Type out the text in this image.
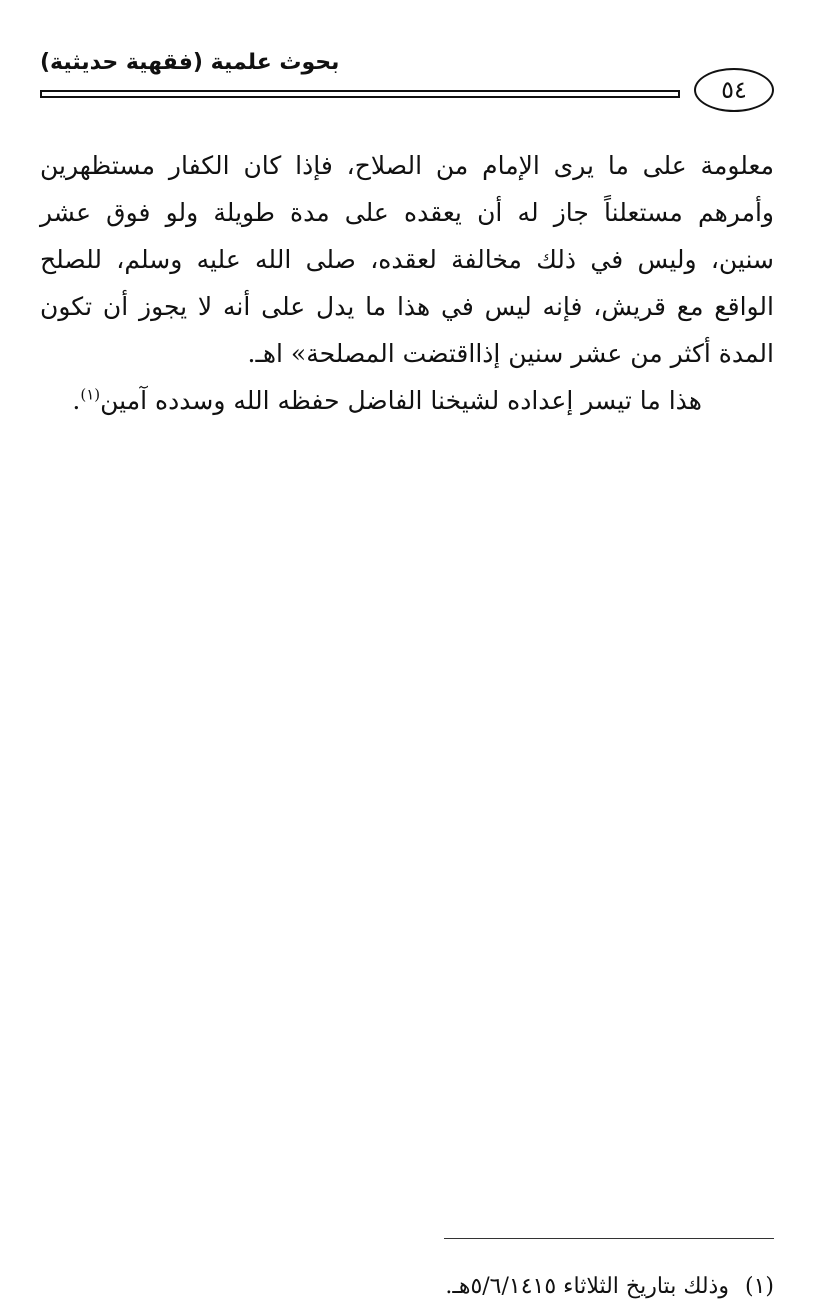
بحوث علمية (فقهية حديثية)
٥٤
معلومة على ما يرى الإمام من الصلاح، فإذا كان الكفار مستظهرين
وأمرهم مستعلناً جاز له أن يعقده على مدة طويلة ولو فوق عشر
سنين، وليس في ذلك مخالفة لعقده، صلى الله عليه وسلم، للصلح
الواقع مع قريش، فإنه ليس في هذا ما يدل على أنه لا يجوز أن تكون
المدة أكثر من عشر سنين إذااقتضت المصلحة» اهـ.
هذا ما تيسر إعداده لشيخنا الفاضل حفظه الله وسدده آمين$^{(١)}$.
(١)وذلك بتاريخ الثلاثاء ٥/٦/١٤١٥هـ.
